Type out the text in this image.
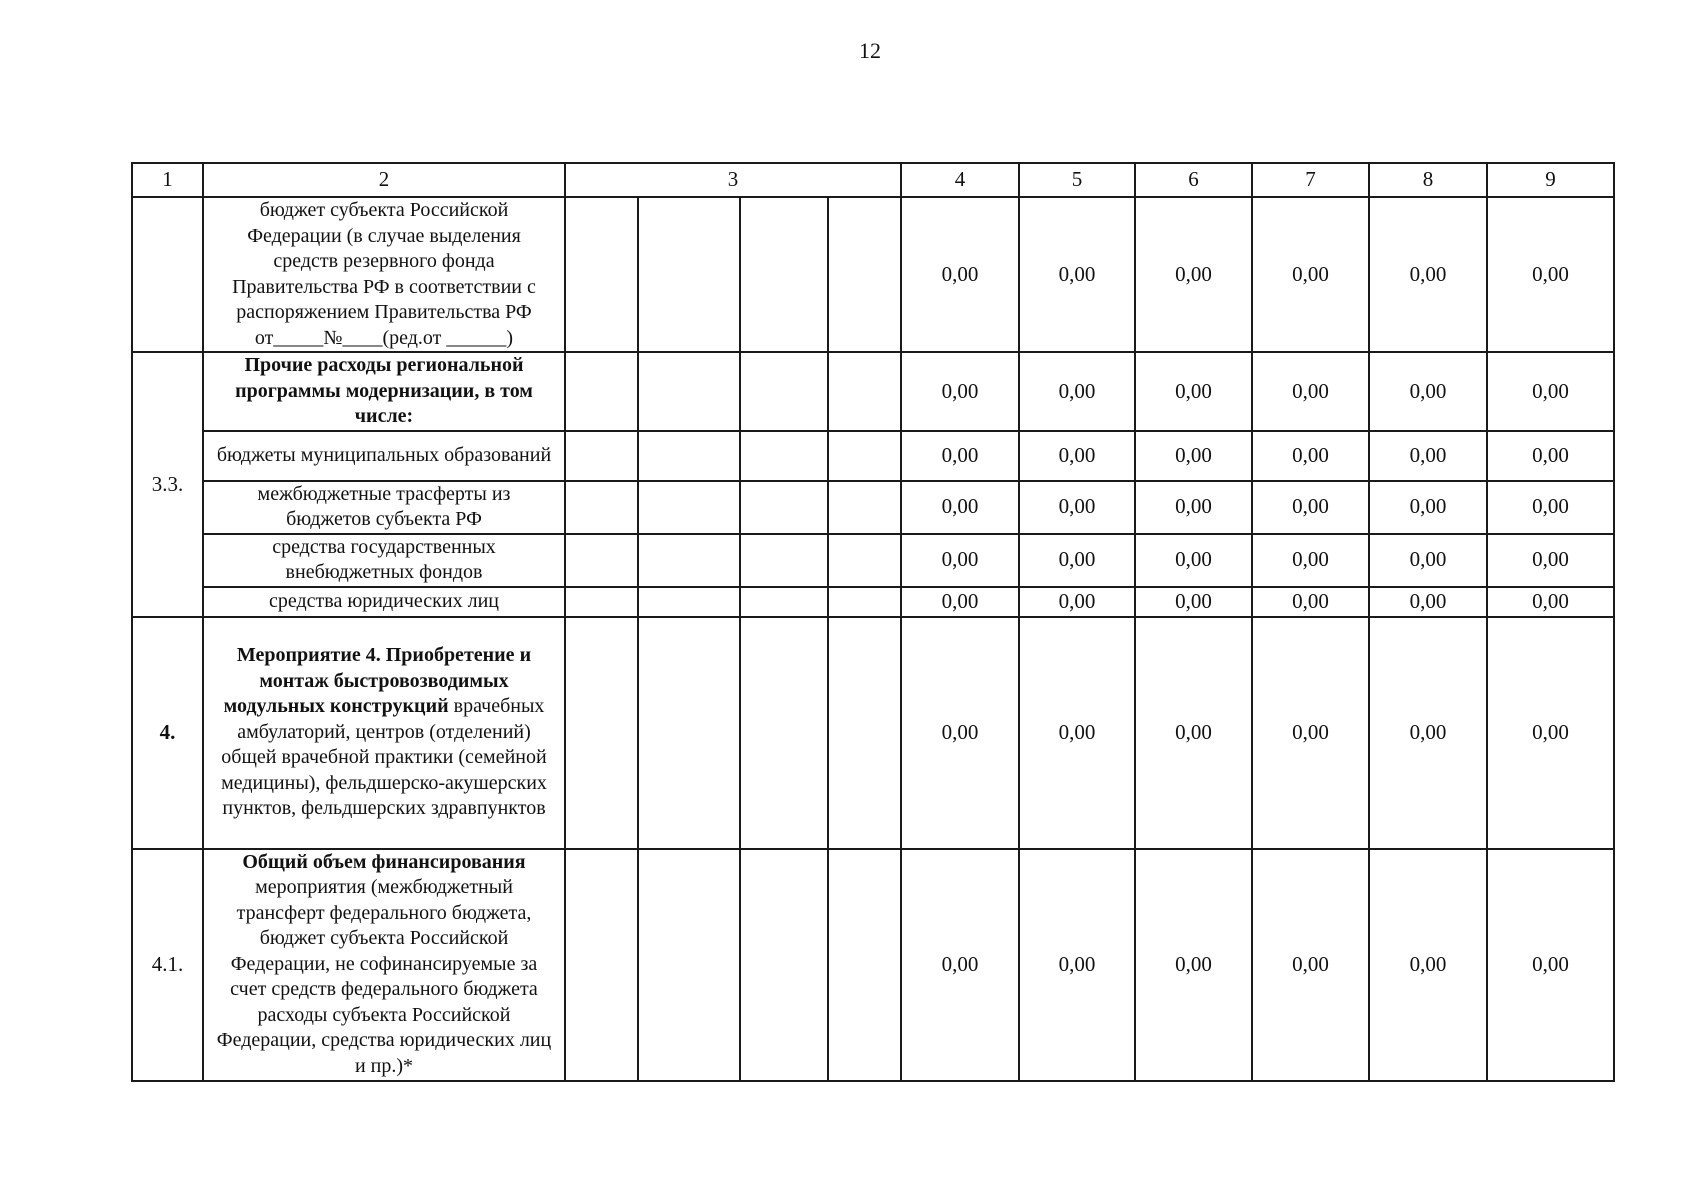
12
1	2	3				4	5	6	7	8	9
	бюджет субъекта Российской Федерации (в случае выделения средств резервного фонда Правительства РФ в соответствии с распоряжением Правительства РФ от_____№____(ред.от ______)					0,00	0,00	0,00	0,00	0,00	0,00
3.3.	Прочие расходы региональной программы модернизации, в том числе:					0,00	0,00	0,00	0,00	0,00	0,00
	бюджеты муниципальных образований					0,00	0,00	0,00	0,00	0,00	0,00
	межбюджетные трасферты из бюджетов субъекта РФ					0,00	0,00	0,00	0,00	0,00	0,00
	средства государственных внебюджетных фондов					0,00	0,00	0,00	0,00	0,00	0,00
	средства юридических лиц					0,00	0,00	0,00	0,00	0,00	0,00
4.	Мероприятие 4. Приобретение и монтаж быстровозводимых модульных конструкций врачебных амбулаторий, центров (отделений) общей врачебной практики (семейной медицины), фельдшерско-акушерских пунктов, фельдшерских здравпунктов					0,00	0,00	0,00	0,00	0,00	0,00
4.1.	Общий объем финансирования мероприятия (межбюджетный трансферт федерального бюджета, бюджет субъекта Российской Федерации, не софинансируемые за счет средств федерального бюджета расходы субъекта Российской Федерации, средства юридических лиц и пр.)*					0,00	0,00	0,00	0,00	0,00	0,00
